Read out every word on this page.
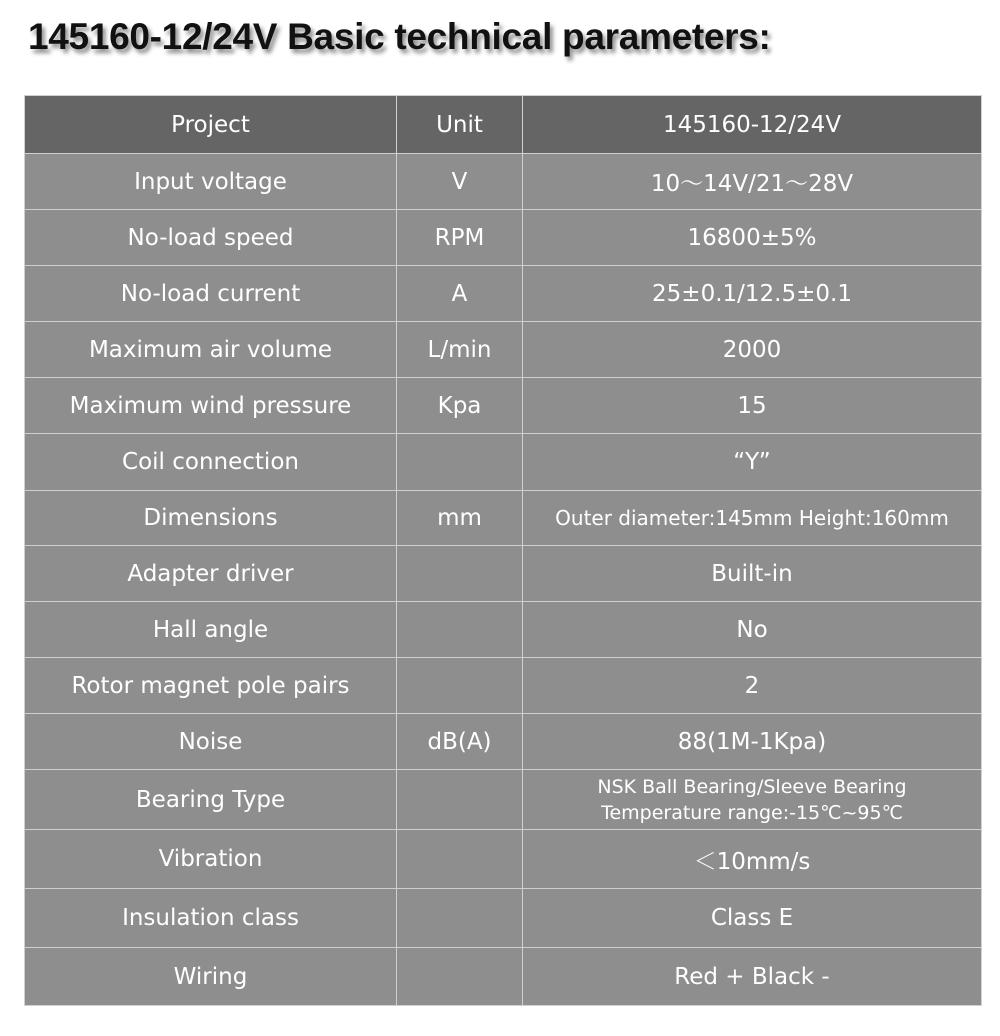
145160-12/24V Basic technical parameters:
Project	Unit	145160-12/24V
Input voltage	V	10～14V/21～28V
No-load speed	RPM	16800±5%
No-load current	A	25±0.1/12.5±0.1
Maximum air volume	L/min	2000
Maximum wind pressure	Kpa	15
Coil connection		“Y”
Dimensions	mm	Outer diameter:145mm Height:160mm
Adapter driver		Built-in
Hall angle		No
Rotor magnet pole pairs		2
Noise	dB(A)	88(1M-1Kpa)
Bearing Type		NSK Ball Bearing/Sleeve Bearing
Temperature range:-15℃~95℃

Vibration		＜10mm/s
Insulation class		Class E
Wiring		Red + Black -
